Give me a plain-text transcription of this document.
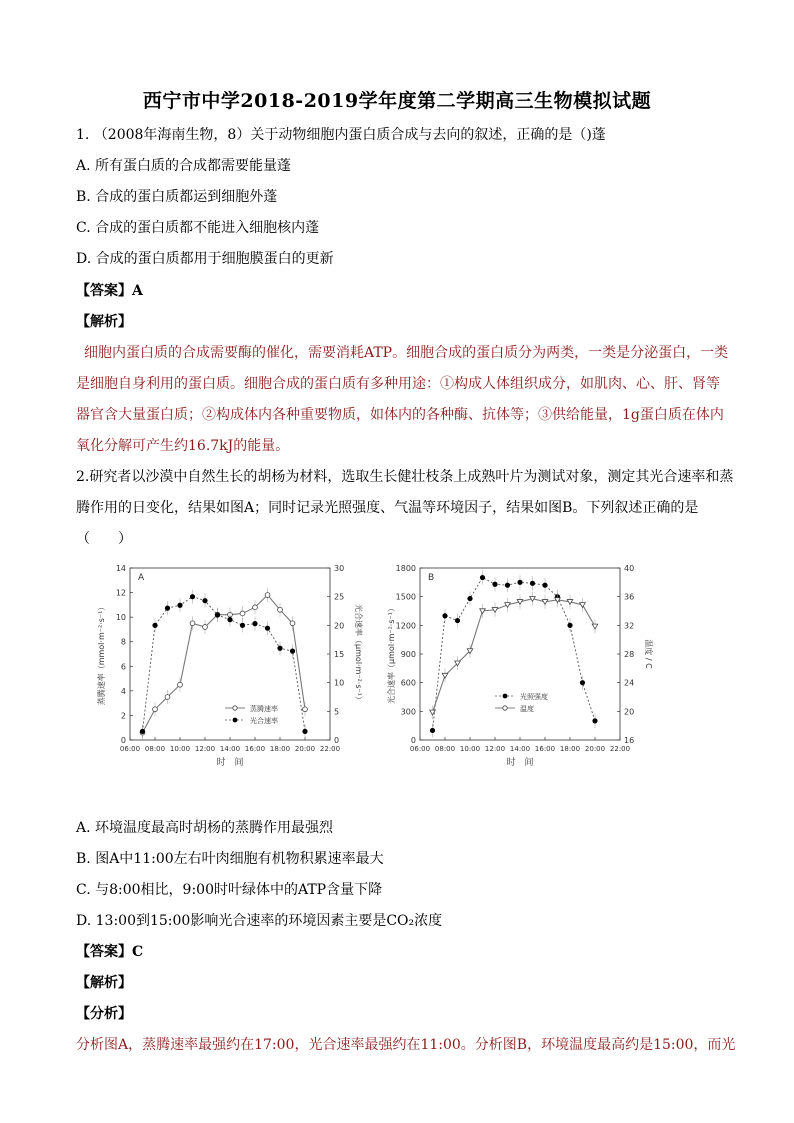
西宁市中学2018-2019学年度第二学期高三生物模拟试题
1. （2008年海南生物，8）关于动物细胞内蛋白质合成与去向的叙述，正确的是（)蓬
A. 所有蛋白质的合成都需要能量蓬
B. 合成的蛋白质都运到细胞外蓬
C. 合成的蛋白质都不能进入细胞核内蓬
D. 合成的蛋白质都用于细胞膜蛋白的更新
【答案】A
【解析】
细胞内蛋白质的合成需要酶的催化，需要消耗ATP。细胞合成的蛋白质分为两类，一类是分泌蛋白，一类
是细胞自身利用的蛋白质。细胞合成的蛋白质有多种用途：①构成人体组织成分，如肌肉、心、肝、肾等
器官含大量蛋白质；②构成体内各种重要物质，如体内的各种酶、抗体等；③供给能量，1g蛋白质在体内
氧化分解可产生约16.7kJ的能量。
2.研究者以沙漠中自然生长的胡杨为材料，选取生长健壮枝条上成熟叶片为测试对象，测定其光合速率和蒸
腾作用的日变化，结果如图A；同时记录光照强度、气温等环境因子，结果如图B。下列叙述正确的是
（　　）
A
06:00 08:00 10:00 12:00 14:00 16:00 18:00 20:00 22:00
时　间
0
2
4
6
8
10
12
14
0
5
10
15
20
25
30
蒸腾速率（mmol·m⁻²·s⁻¹）	光合速率（μmol·m⁻²·s⁻¹）
蒸腾速率
光合速率
B
06:00 08:00 10:00 12:00 14:00 16:00 18:00 20:00 22:00
时　间
0
300
600
900
1200
1500
1800
16
20
24
28
32
36
40
光合速率（μmol·m⁻²·s⁻¹）	温度 / C
光照强度
温度
A. 环境温度最高时胡杨的蒸腾作用最强烈
B. 图A中11:00左右叶肉细胞有机物积累速率最大
C. 与8:00相比，9:00时叶绿体中的ATP含量下降
D. 13:00到15:00影响光合速率的环境因素主要是CO₂浓度
【答案】C
【解析】
【分析】
分析图A，蒸腾速率最强约在17:00，光合速率最强约在11:00。分析图B，环境温度最高约是15:00，而光
